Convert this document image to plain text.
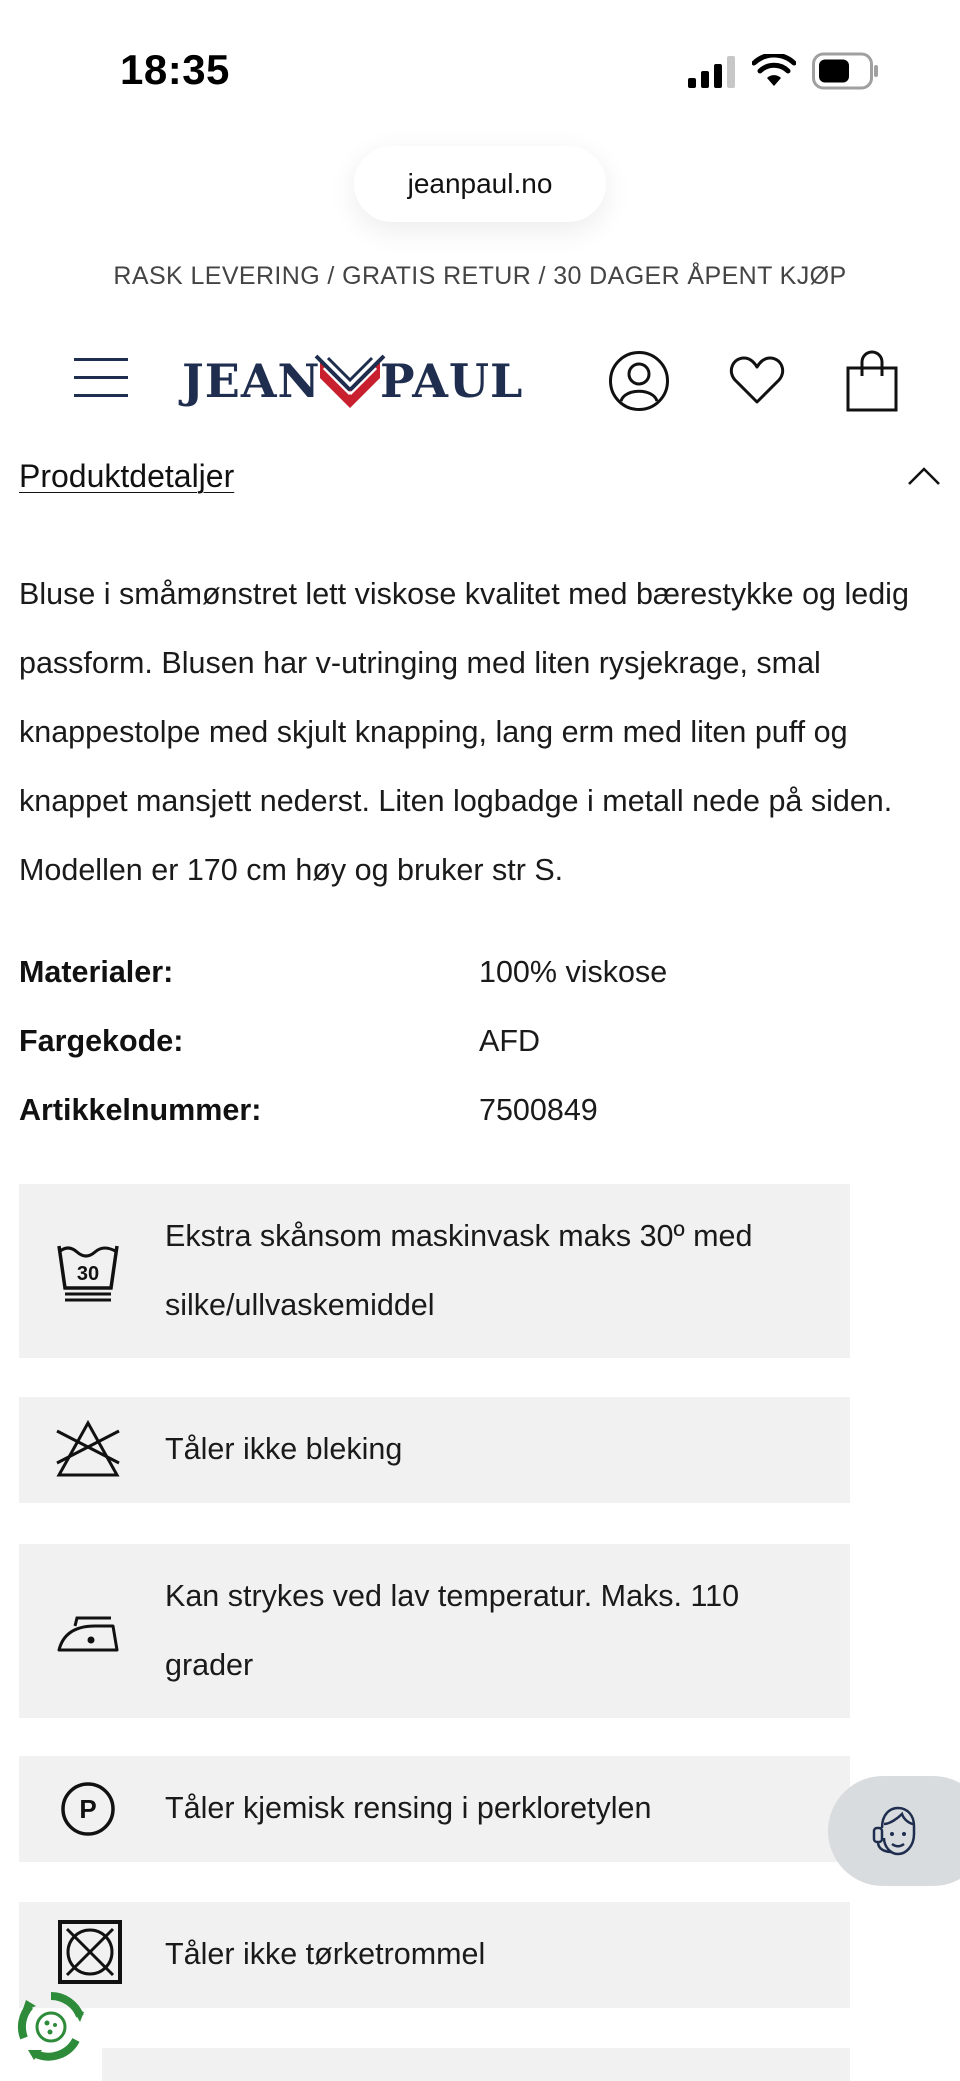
18:35
jeanpaul.no
RASK LEVERING / GRATIS RETUR / 30 DAGER ÅPENT KJØP
JEAN PAUL
Produktdetaljer
Bluse i småmønstret lett viskose kvalitet med bærestykke og ledig passform. Blusen har v-utringing med liten rysjekrage, smal knappestolpe med skjult knapping, lang erm med liten puff og knappet mansjett nederst. Liten logbadge i metall nede på siden. Modellen er 170 cm høy og bruker str S.
Materialer:	100% viskose
Fargekode:	AFD
Artikkelnummer:	7500849
30
Ekstra skånsom maskinvask maks 30º med silke/ullvaskemiddel
Tåler ikke bleking
Kan strykes ved lav temperatur. Maks. 110 grader
P Tåler kjemisk rensing i perkloretylen
Tåler ikke tørketrommel
